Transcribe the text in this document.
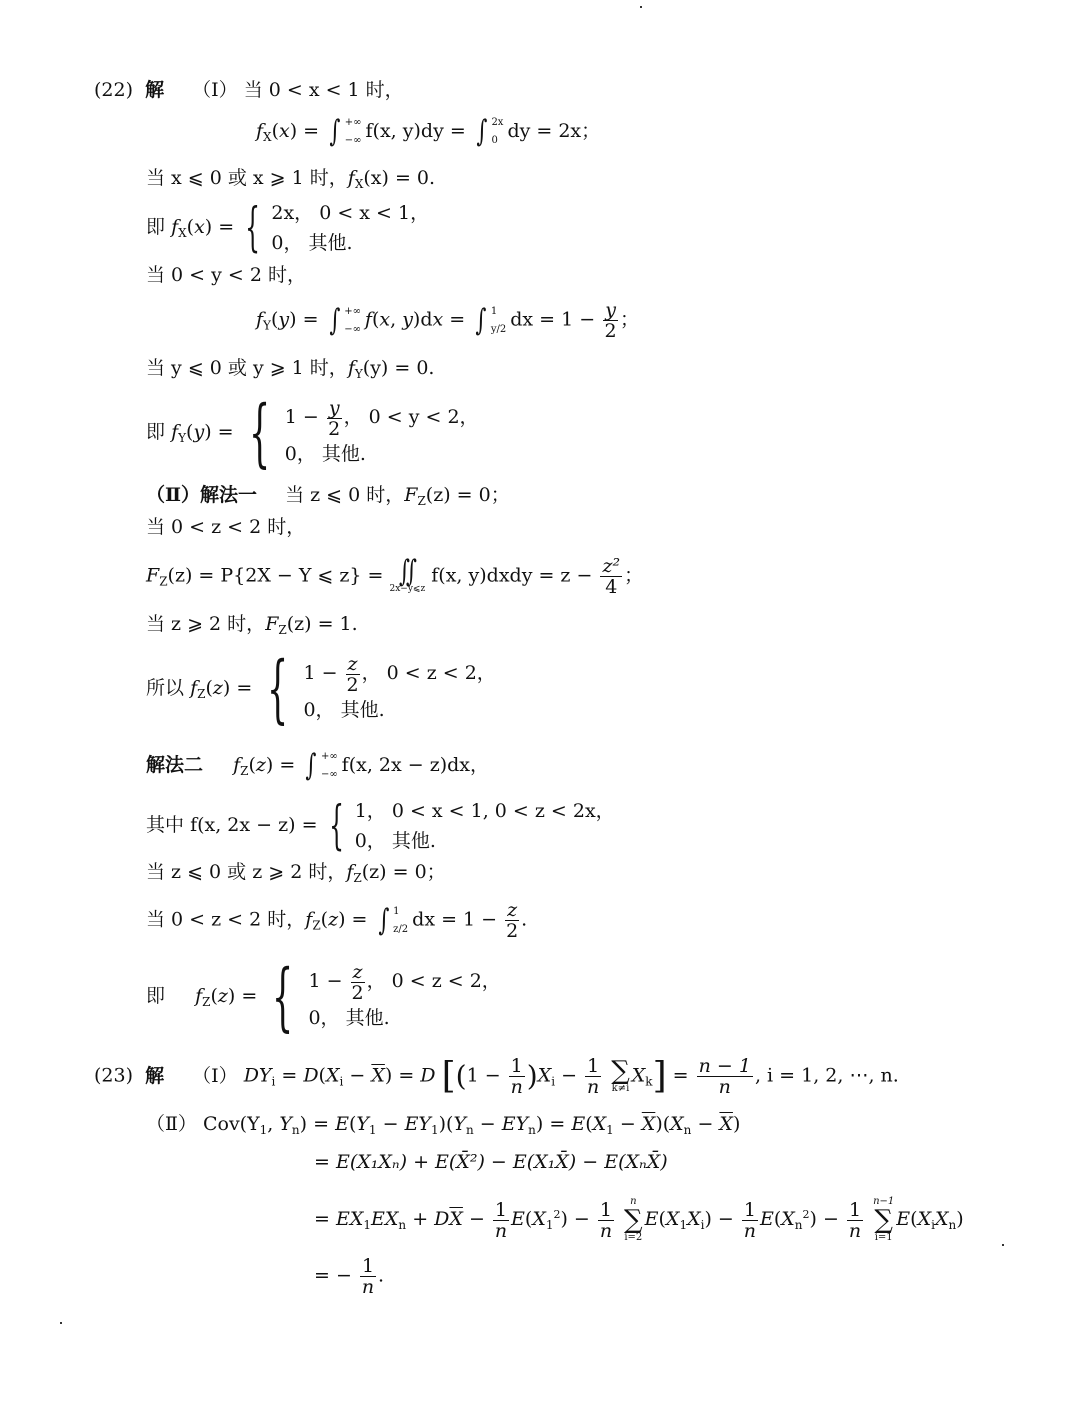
(22) 解 （Ⅰ） 当 0 < x < 1 时，
$f_X(x)$ = ∫ +∞
−∞ f(x, y)dy = ∫ 2x
0 dy = 2x；
当 x ⩽ 0 或 x ⩾ 1 时，$f_X(x) = 0$.
即 $f_X(x)$ = { 2x， 0 < x < 1，
0， 其他.
当 0 < y < 2 时，
$f_Y(y)$ = ∫ +∞
−∞ f(x, y)dx = ∫ 1
y/2 dx = $1 - \frac{y}{2}$ ；
当 y ⩽ 0 或 y ⩾ 1 时，$f_Y(y) = 0$.
即 $f_Y(y)$ = { $1 - \frac{y}{2}$ ， 0 < y < 2，
0， 其他.
（Ⅱ）解法一 当 z ⩽ 0 时，$F_Z(z) = 0$；
当 0 < z < 2 时，
$F_Z(z) = P\{2X - Y$ ⩽ z} = ∬
2x−y⩽z
f(x, y)dxdy = $z - \frac{\text{z²}}{4}$ ；
当 z ⩾ 2 时，$F_Z(z) = 1$.
所以 $f_Z(z)$ = { $1 - \frac{z}{2}$ ， 0 < z < 2，
0， 其他.
解法二 $f_Z(z)$ = ∫ +∞
−∞ f(x, 2x − z)dx，
其中 f(x, 2x − z) = { 1， 0 < x < 1, 0 < z < 2x，
0， 其他.
当 z ⩽ 0 或 z ⩾ 2 时，$f_Z(z) = 0$；
当 0 < z < 2 时，$f_Z(z)$ = ∫ 1
z/2 dx = $1 - \frac{z}{2}$ .
即 $f_Z(z)$ = { $1 - \frac{z}{2}$ ， 0 < z < 2，
0， 其他.
(23) 解 （Ⅰ） $DY_i = D(X_i - \overline{X}) = D$ [$(1 - \frac{1}{n} )X_i - \frac{1}{n}$
∑
$k\ne iX_k] = \frac{n - 1}{n}$ , i = 1, 2, ⋯, n.
（Ⅱ） $Cov(Y_1$, $Y_n) = E(Y_1 - EY_1)(Y_n - EY_n) = E(X_1 - \overline{X})(X_n - \overline{X})$
= E(X₁Xₙ) + E(X̄²) − E(X₁X̄) − E(XₙX̄)
= $EX_1EX_n + D\overline{X} - \frac{1}{n} E(X_1^2) - \frac{1}{n}$ n
∑
$i=2E(X_1X_i) - \frac{1}{n} E(X_n^2) - \frac{1}{n} n-1$
∑
$i=1E(X_iX_n)$
= − $\frac{1}{n}$ .
